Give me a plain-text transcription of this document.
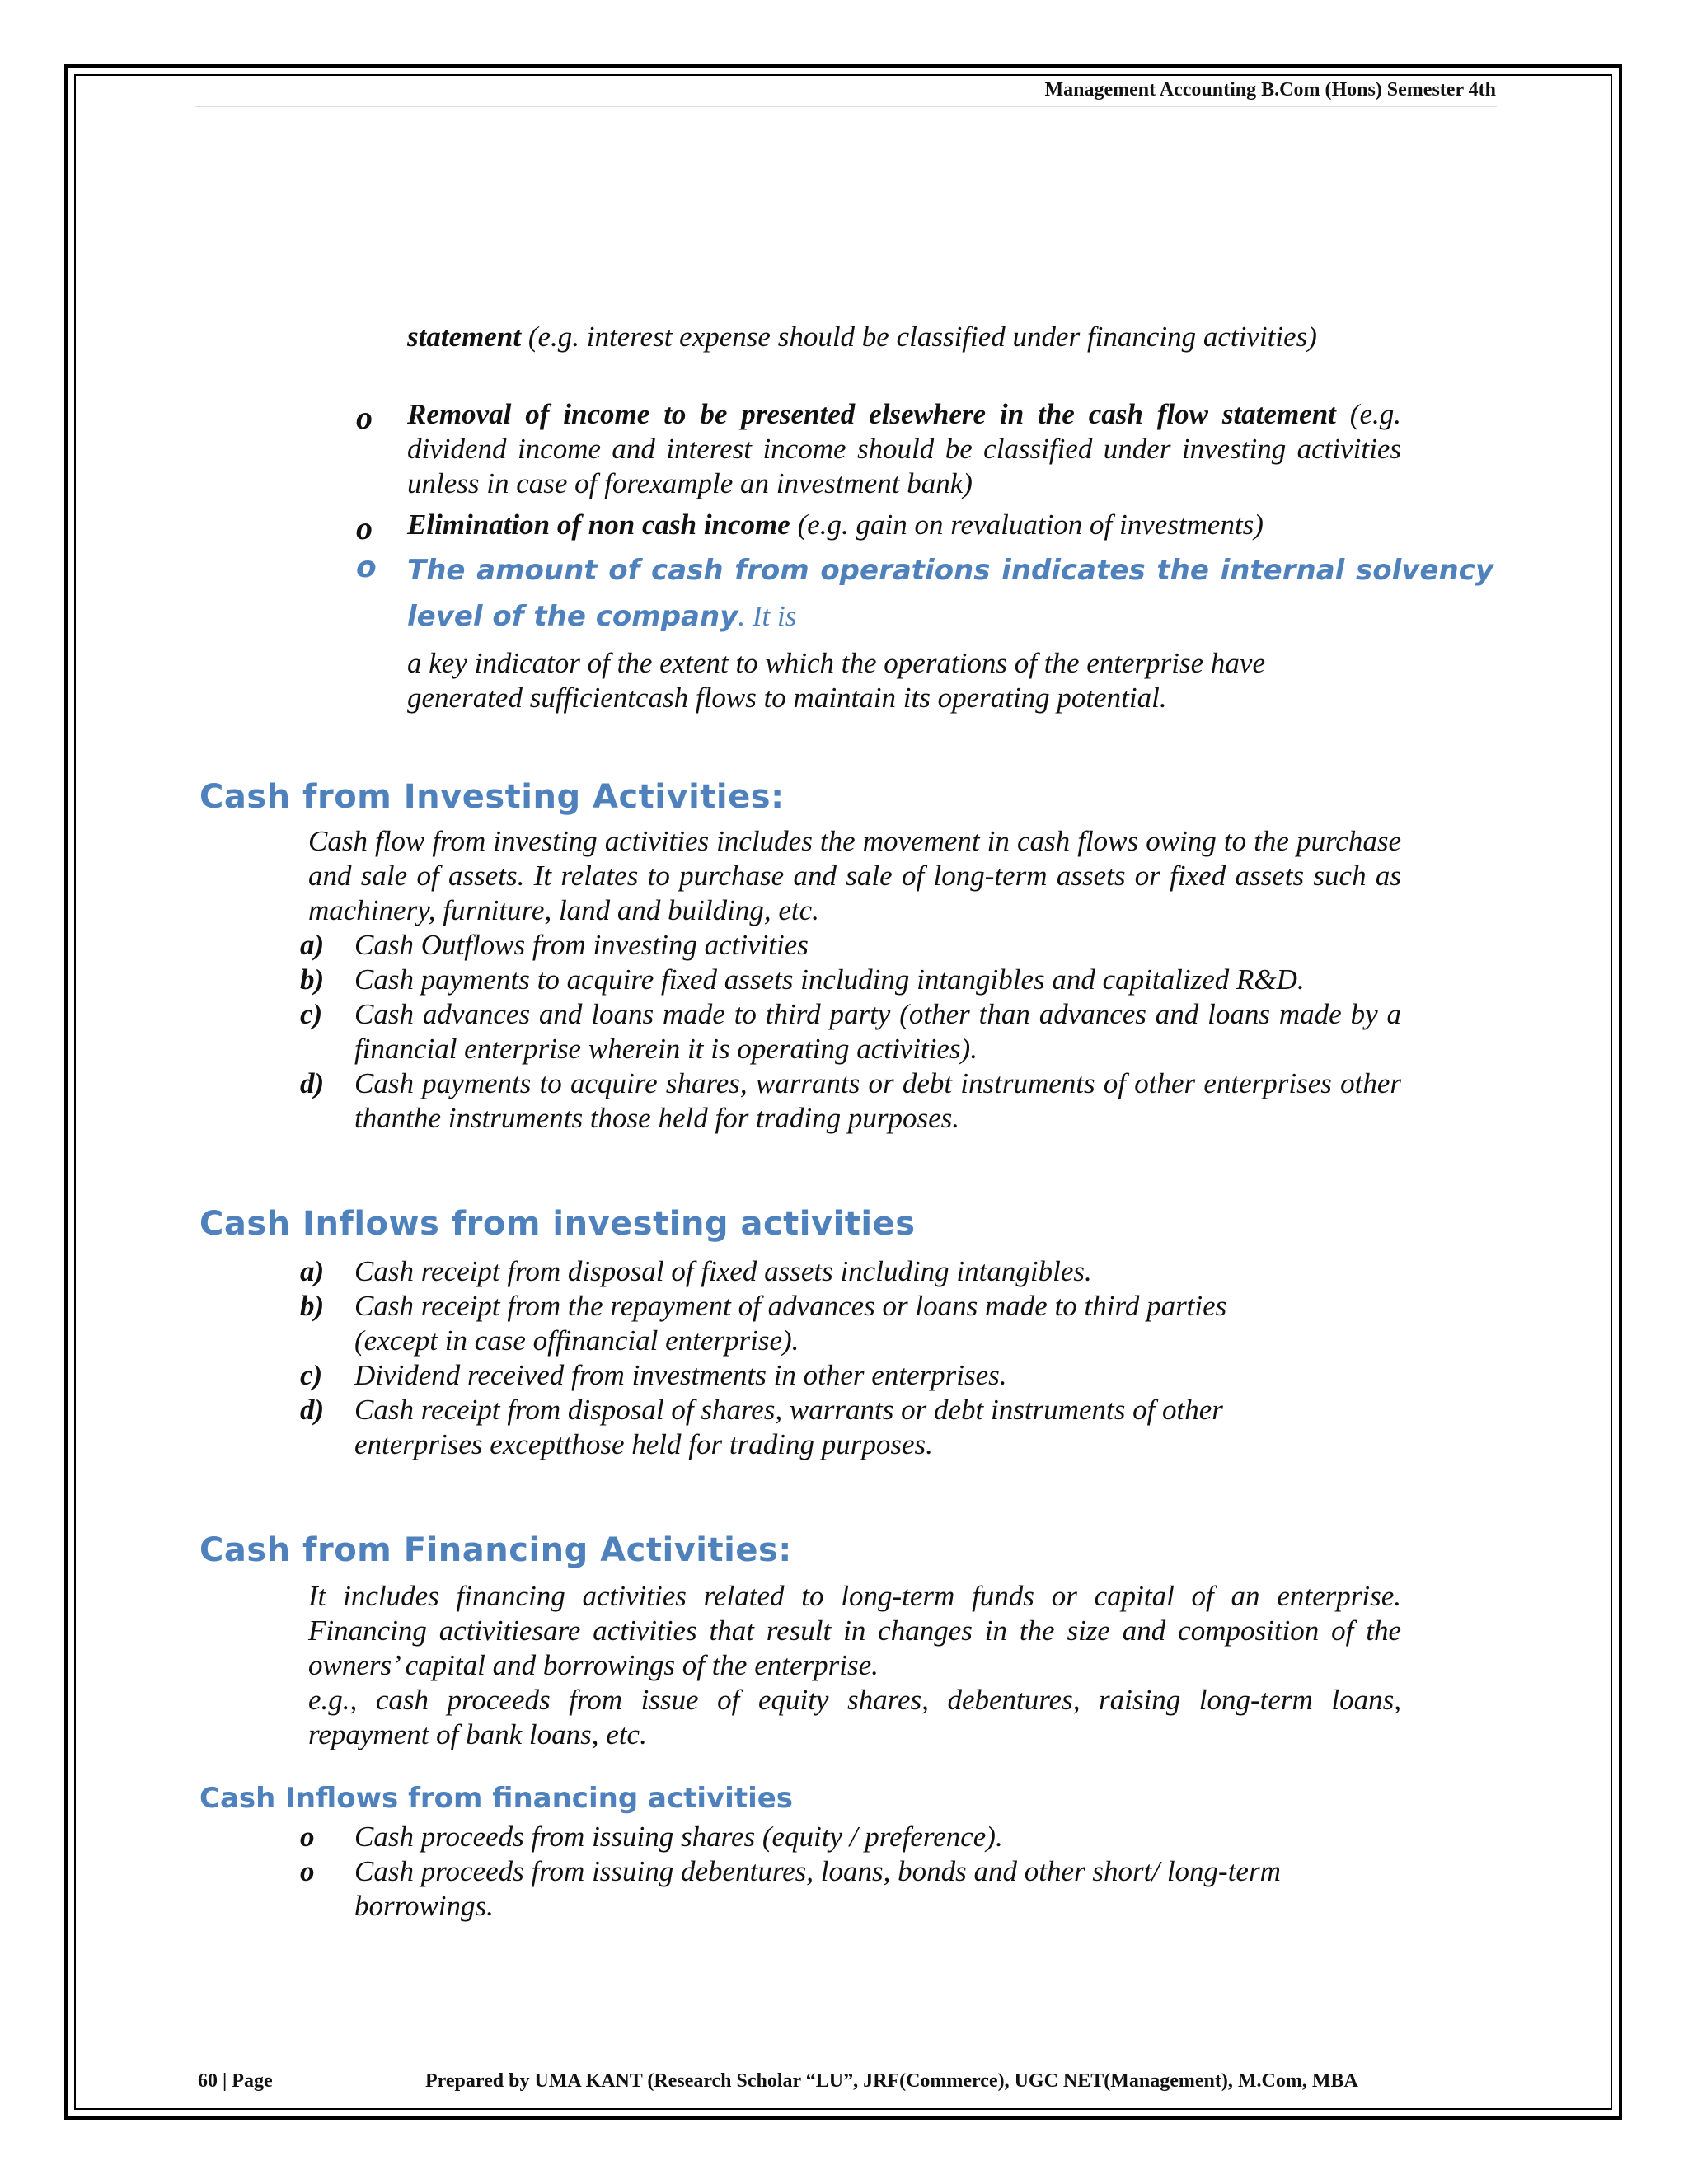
Management Accounting B.Com (Hons) Semester 4th
statement (e.g. interest expense should be classified under financing activities)
o Removal of income to be presented elsewhere in the cash flow statement (e.g. dividend income and interest income should be classified under investing activities unless in case of forexample an investment bank)
o Elimination of non cash income (e.g. gain on revaluation of investments)
o The amount of cash from operations indicates the internal solvency level of the company. It is
a key indicator of the extent to which the operations of the enterprise have generated sufficientcash flows to maintain its operating potential.
Cash from Investing Activities:
Cash flow from investing activities includes the movement in cash flows owing to the purchase and sale of assets. It relates to purchase and sale of long-term assets or fixed assets such as machinery, furniture, land and building, etc.
a) Cash Outflows from investing activities
b) Cash payments to acquire fixed assets including intangibles and capitalized R&D.
c) Cash advances and loans made to third party (other than advances and loans made by a financial enterprise wherein it is operating activities).
d) Cash payments to acquire shares, warrants or debt instruments of other enterprises other thanthe instruments those held for trading purposes.
Cash Inflows from investing activities
a) Cash receipt from disposal of fixed assets including intangibles.
b) Cash receipt from the repayment of advances or loans made to third parties (except in case offinancial enterprise).
c) Dividend received from investments in other enterprises.
d) Cash receipt from disposal of shares, warrants or debt instruments of other enterprises exceptthose held for trading purposes.
Cash from Financing Activities:
It includes financing activities related to long-term funds or capital of an enterprise. Financing activitiesare activities that result in changes in the size and composition of the owners’ capital and borrowings of the enterprise.
e.g., cash proceeds from issue of equity shares, debentures, raising long-term loans, repayment of bank loans, etc.
Cash Inflows from financing activities
o Cash proceeds from issuing shares (equity / preference).
o Cash proceeds from issuing debentures, loans, bonds and other short/ long-term borrowings.
60 | Page	Prepared by UMA KANT (Research Scholar “LU”, JRF(Commerce), UGC NET(Management), M.Com, MBA
